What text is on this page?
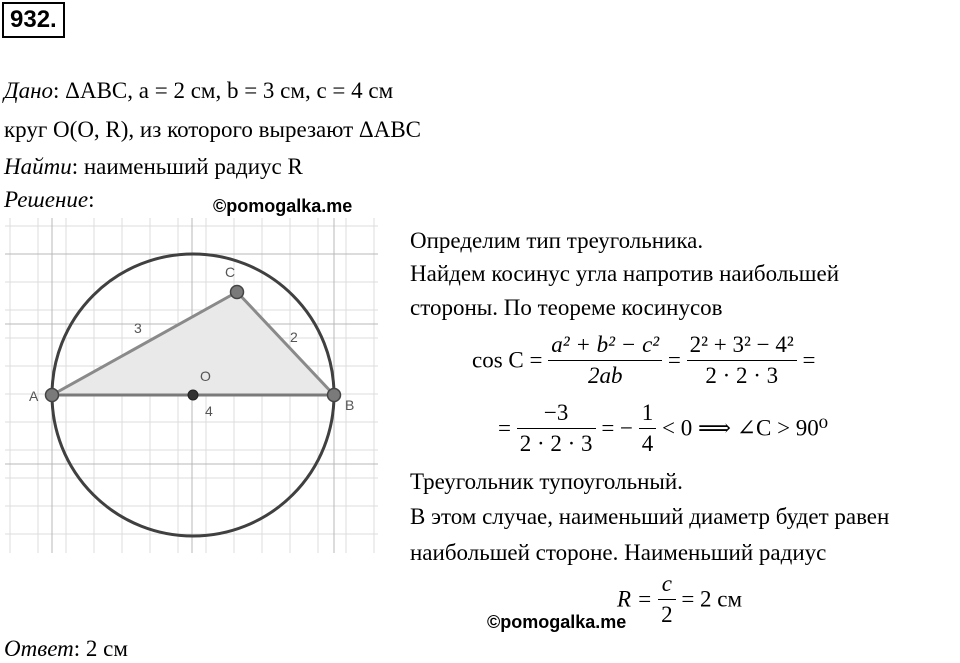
932.
Дано: ΔABC, a = 2 см, b = 3 см, c = 4 см
круг O(O, R), из которого вырезают ΔABC
Найти: наименьший радиус R
Решение:	©pomogalka.me
A
B
C
O
3
2
4
Определим тип треугольника.
Найдем косинус угла напротив наибольшей
стороны. По теореме косинусов
$\cos C = \frac{\text{a² + b² − c²}}{2ab} = \frac{\text{2² + 3² − 4²}}{2 \cdot 2 \cdot 3}$ =
= $\frac{-3}{2 \cdot 2 \cdot 3}$ = − $\frac{1}{4} < 0$ ⟹ ∠C > 90⁰
Треугольник тупоугольный.
В этом случае, наименьший диаметр будет равен
наибольшей стороне. Наименьший радиус
$R = \frac{c}{2} = 2$ см
©pomogalka.me
Ответ: 2 см
